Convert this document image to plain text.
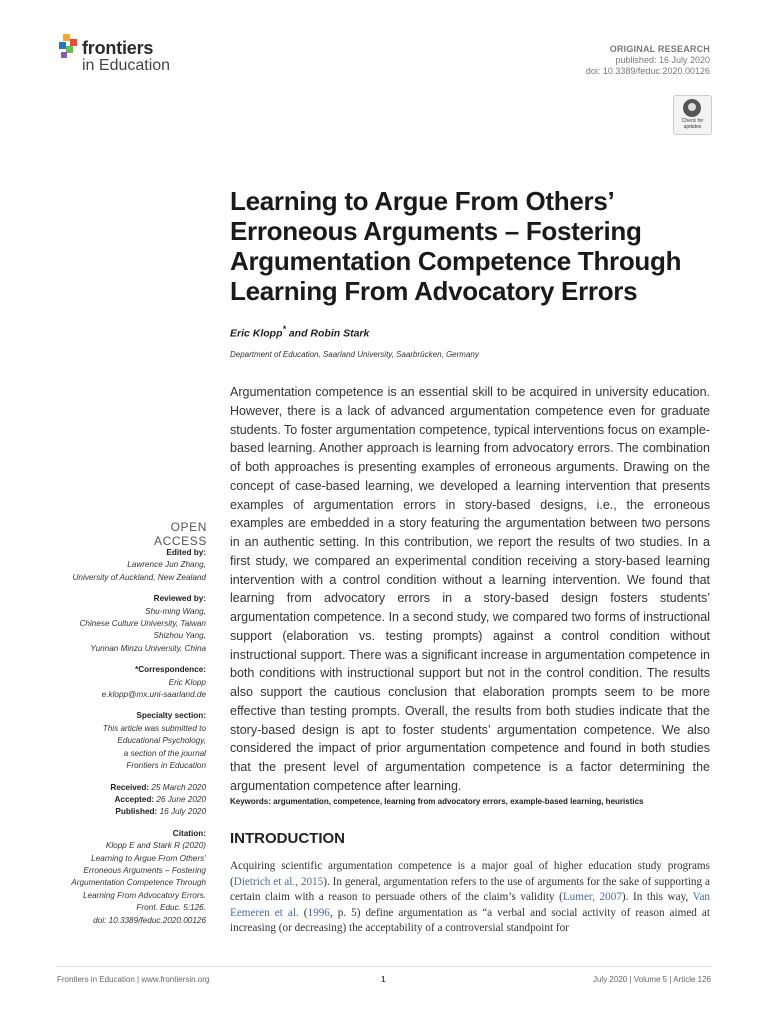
frontiers
in Education
ORIGINAL RESEARCH
published: 16 July 2020
doi: 10.3389/feduc.2020.00126
Check for
updates
Learning to Argue From Others’ Erroneous Arguments – Fostering Argumentation Competence Through Learning From Advocatory Errors
Eric Klopp* and Robin Stark
Department of Education, Saarland University, Saarbrücken, Germany

Argumentation competence is an essential skill to be acquired in university education. However, there is a lack of advanced argumentation competence even for graduate students. To foster argumentation competence, typical interventions focus on example-based learning. Another approach is learning from advocatory errors. The combination of both approaches is presenting examples of erroneous arguments. Drawing on the concept of case-based learning, we developed a learning intervention that presents examples of argumentation errors in story-based designs, i.e., the erroneous examples are embedded in a story featuring the argumentation between two persons in an authentic setting. In this contribution, we report the results of two studies. In a first study, we compared an experimental condition receiving a story-based learning intervention with a control condition without a learning intervention. We found that learning from advocatory errors in a story-based design fosters students’ argumentation competence. In a second study, we compared two forms of instructional support (elaboration vs. testing prompts) against a control condition without instructional support. There was a significant increase in argumentation competence in both conditions with instructional support but not in the control condition. The results also support the cautious conclusion that elaboration prompts seem to be more effective than testing prompts. Overall, the results from both studies indicate that the story-based design is apt to foster students’ argumentation competence. We also considered the impact of prior argumentation competence and found in both studies that the present level of argumentation competence is a factor determining the argumentation competence after learning.

Keywords: argumentation, competence, learning from advocatory errors, example-based learning, heuristics
OPEN ACCESS
Edited by:
Lawrence Jun Zhang,
University of Auckland, New Zealand
Reviewed by:
Shu-ming Wang,
Chinese Culture University, Taiwan
Shizhou Yang,
Yunnan Minzu University, China
*Correspondence:
Eric Klopp
e.klopp@mx.uni-saarland.de
Specialty section:
This article was submitted to
Educational Psychology,
a section of the journal
Frontiers in Education
Received: 25 March 2020
Accepted: 26 June 2020
Published: 16 July 2020
Citation:
Klopp E and Stark R (2020)
Learning to Argue From Others’
Erroneous Arguments – Fostering
Argumentation Competence Through
Learning From Advocatory Errors.
Front. Educ. 5:126.
doi: 10.3389/feduc.2020.00126
INTRODUCTION

Acquiring scientific argumentation competence is a major goal of higher education study programs (Dietrich et al., 2015). In general, argumentation refers to the use of arguments for the sake of supporting a certain claim with a reason to persuade others of the claim’s validity (Lumer, 2007). In this way, Van Eemeren et al. (1996, p. 5) define argumentation as “a verbal and social activity of reason aimed at increasing (or decreasing) the acceptability of a controversial standpoint for

Frontiers in Education | www.frontiersin.org	1	July 2020 | Volume 5 | Article 126
